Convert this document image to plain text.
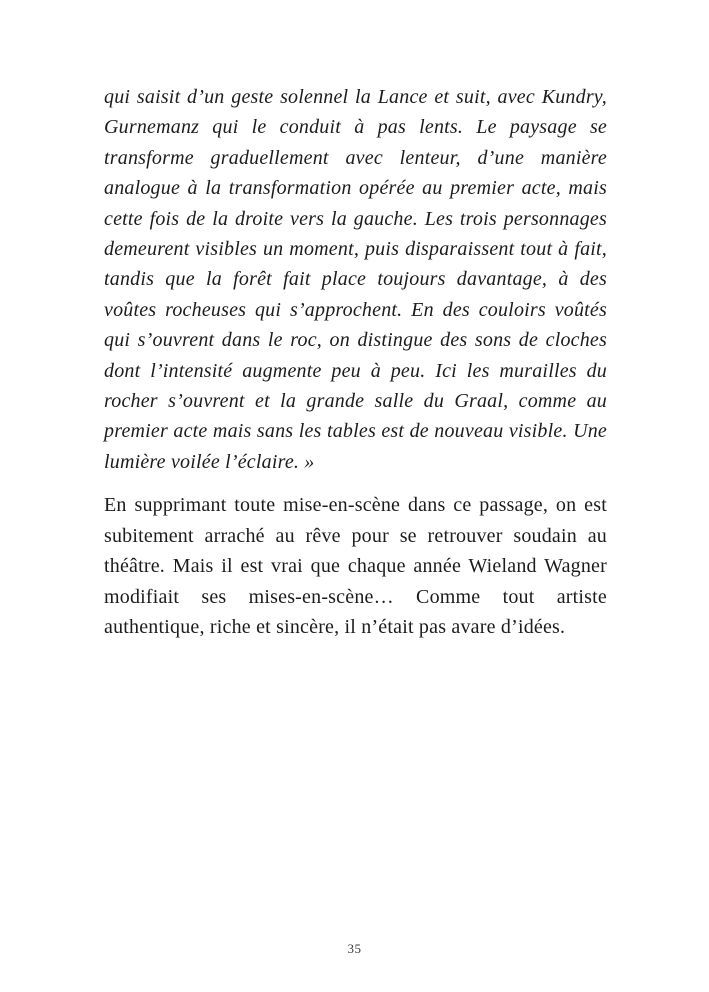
qui saisit d’un geste solennel la Lance et suit, avec Kundry, Gurnemanz qui le conduit à pas lents. Le paysage se transforme graduellement avec lenteur, d’une manière analogue à la transformation opérée au premier acte, mais cette fois de la droite vers la gauche. Les trois personnages demeurent visibles un moment, puis disparaissent tout à fait, tandis que la forêt fait place toujours davantage, à des voûtes rocheuses qui s’approchent. En des couloirs voûtés qui s’ouvrent dans le roc, on distingue des sons de cloches dont l’intensité augmente peu à peu. Ici les murailles du rocher s’ouvrent et la grande salle du Graal, comme au premier acte mais sans les tables est de nouveau visible. Une lumière voilée l’éclaire. »

En supprimant toute mise-en-scène dans ce passage, on est subitement arraché au rêve pour se retrouver soudain au théâtre. Mais il est vrai que chaque année Wieland Wagner modifiait ses mises-en-scène… Comme tout artiste authentique, riche et sincère, il n’était pas avare d’idées.

35
